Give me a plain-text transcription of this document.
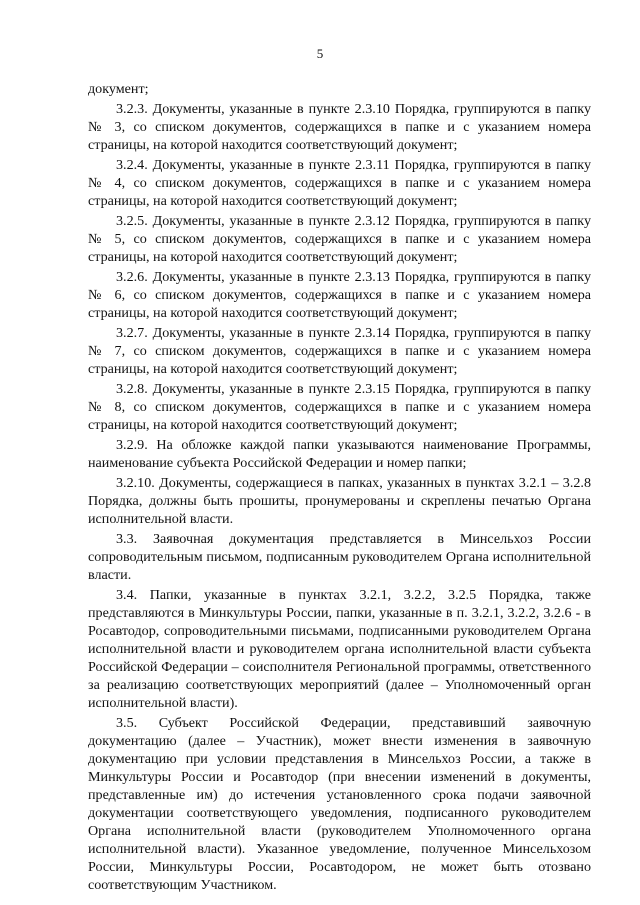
5

документ;

3.2.3. Документы, указанные в пункте 2.3.10 Порядка, группируются в папку № 3, со списком документов, содержащихся в папке и с указанием номера страницы, на которой находится соответствующий документ;

3.2.4. Документы, указанные в пункте 2.3.11 Порядка, группируются в папку № 4, со списком документов, содержащихся в папке и с указанием номера страницы, на которой находится соответствующий документ;

3.2.5. Документы, указанные в пункте 2.3.12 Порядка, группируются в папку № 5, со списком документов, содержащихся в папке и с указанием номера страницы, на которой находится соответствующий документ;

3.2.6. Документы, указанные в пункте 2.3.13 Порядка, группируются в папку № 6, со списком документов, содержащихся в папке и с указанием номера страницы, на которой находится соответствующий документ;

3.2.7. Документы, указанные в пункте 2.3.14 Порядка, группируются в папку № 7, со списком документов, содержащихся в папке и с указанием номера страницы, на которой находится соответствующий документ;

3.2.8. Документы, указанные в пункте 2.3.15 Порядка, группируются в папку № 8, со списком документов, содержащихся в папке и с указанием номера страницы, на которой находится соответствующий документ;

3.2.9. На обложке каждой папки указываются наименование Программы, наименование субъекта Российской Федерации и номер папки;

3.2.10. Документы, содержащиеся в папках, указанных в пунктах 3.2.1 – 3.2.8 Порядка, должны быть прошиты, пронумерованы и скреплены печатью Органа исполнительной власти.

3.3. Заявочная документация представляется в Минсельхоз России сопроводительным письмом, подписанным руководителем Органа исполнительной власти.

3.4. Папки, указанные в пунктах 3.2.1, 3.2.2, 3.2.5 Порядка, также представляются в Минкультуры России, папки, указанные в п. 3.2.1, 3.2.2, 3.2.6 - в Росавтодор, сопроводительными письмами, подписанными руководителем Органа исполнительной власти и руководителем органа исполнительной власти субъекта Российской Федерации – соисполнителя Региональной программы, ответственного за реализацию соответствующих мероприятий (далее – Уполномоченный орган исполнительной власти).

3.5. Субъект Российской Федерации, представивший заявочную документацию (далее – Участник), может внести изменения в заявочную документацию при условии представления в Минсельхоз России, а также в Минкультуры России и Росавтодор (при внесении изменений в документы, представленные им) до истечения установленного срока подачи заявочной документации соответствующего уведомления, подписанного руководителем Органа исполнительной власти (руководителем Уполномоченного органа исполнительной власти). Указанное уведомление, полученное Минсельхозом России, Минкультуры России, Росавтодором, не может быть отозвано соответствующим Участником.
